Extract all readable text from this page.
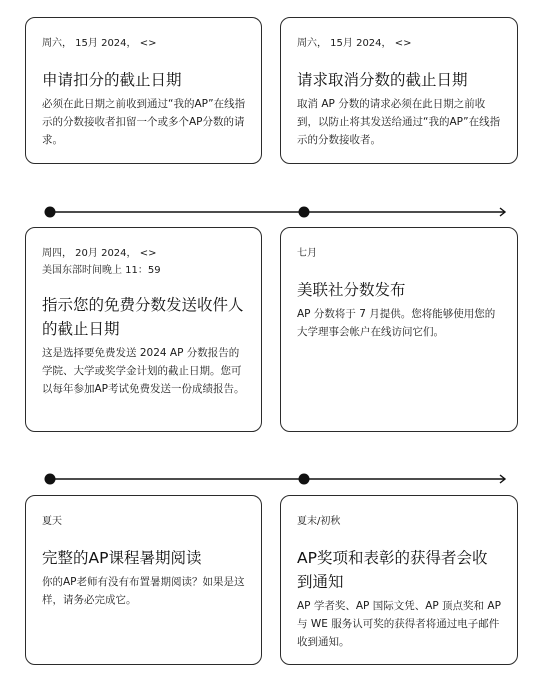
周六， 15月 2024， <>
申请扣分的截止日期
必须在此日期之前收到通过“我的AP”在线指示的分数接收者扣留一个或多个AP分数的请求。
周六， 15月 2024， <>
请求取消分数的截止日期
取消 AP 分数的请求必须在此日期之前收到，以防止将其发送给通过“我的AP”在线指示的分数接收者。
周四， 20月 2024， <>
美国东部时间晚上 11：59
指示您的免费分数发送收件人的截止日期
这是选择要免费发送 2024 AP 分数报告的学院、大学或奖学金计划的截止日期。您可以每年参加AP考试免费发送一份成绩报告。
七月
美联社分数发布
AP 分数将于 7 月提供。您将能够使用您的大学理事会帐户在线访问它们。
夏天
完整的AP课程暑期阅读
你的AP老师有没有布置暑期阅读？如果是这样，请务必完成它。
夏末/初秋
AP奖项和表彰的获得者会收到通知
AP 学者奖、AP 国际文凭、AP 顶点奖和 AP 与 WE 服务认可奖的获得者将通过电子邮件收到通知。
